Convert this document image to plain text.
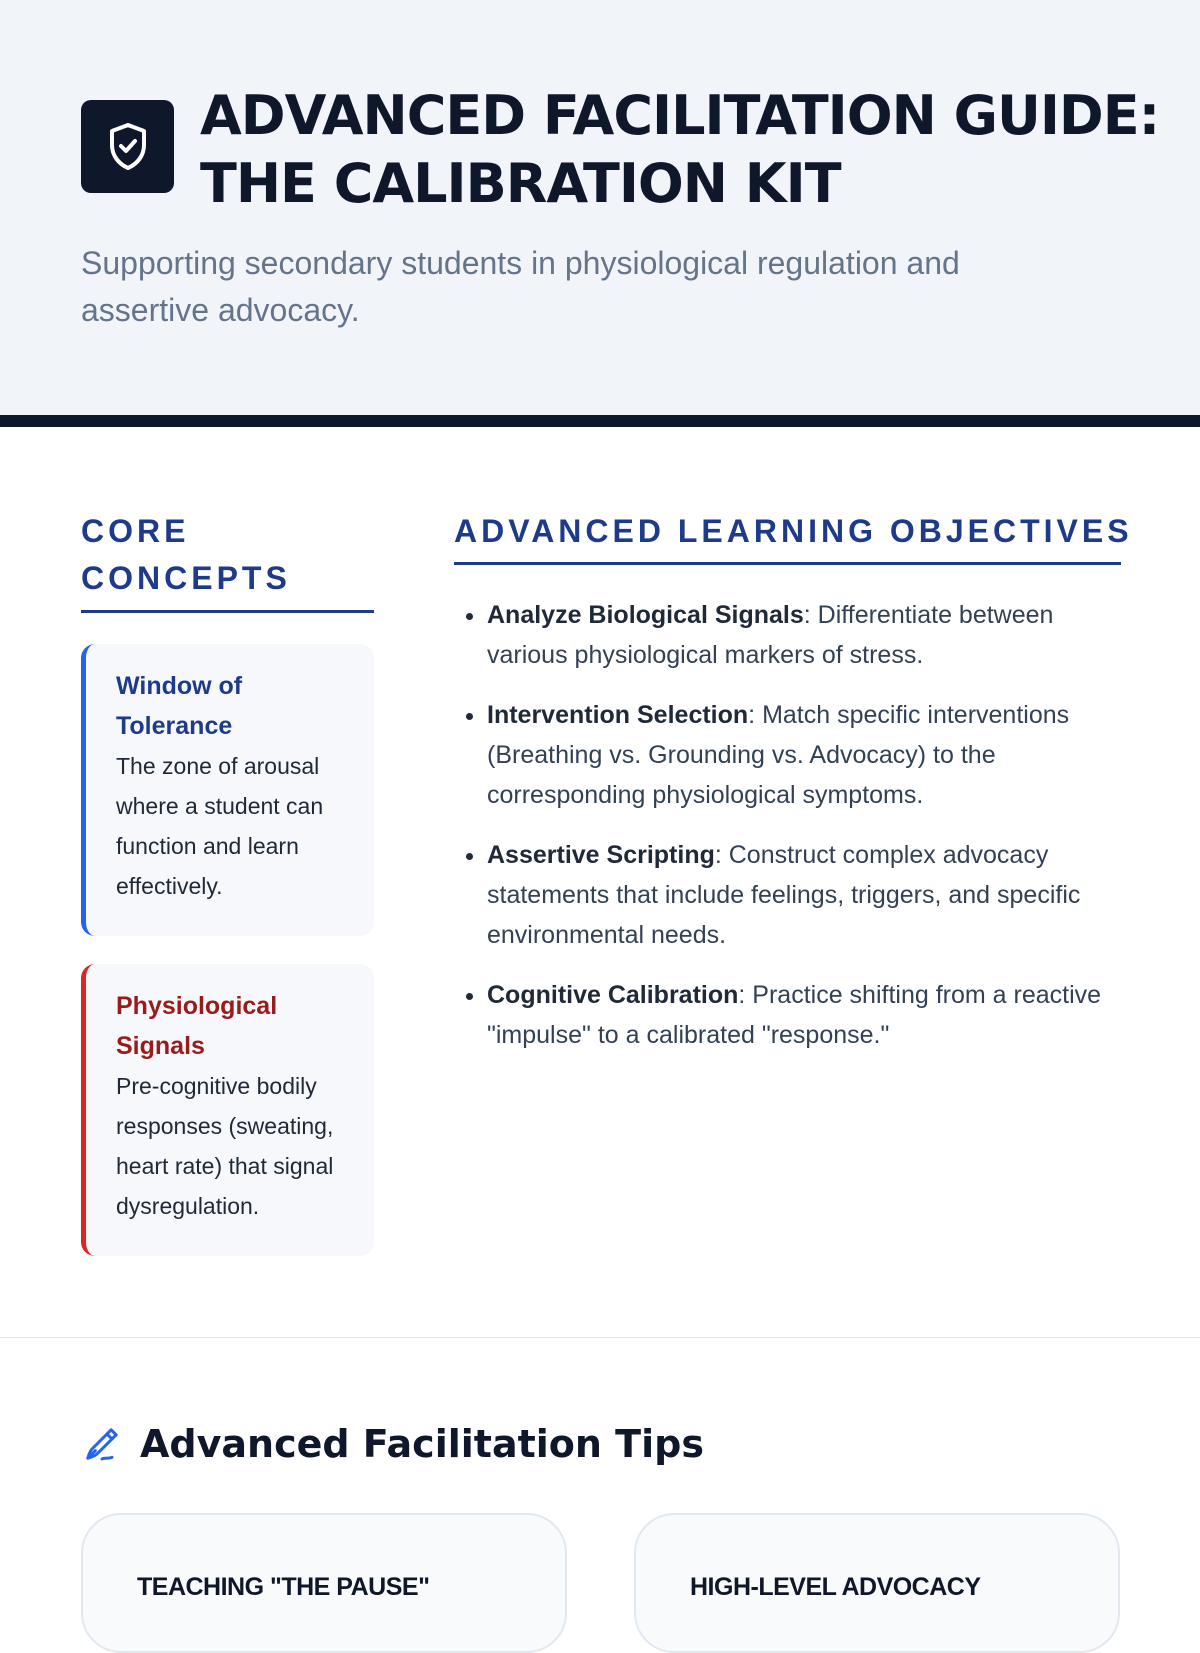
ADVANCED FACILITATION GUIDE: THE CALIBRATION KIT

Supporting secondary students in physiological regulation and assertive advocacy.

CORE CONCEPTS

Window of Tolerance

The zone of arousal where a student can function and learn effectively.

Physiological Signals

Pre-cognitive bodily responses (sweating, heart rate) that signal dysregulation.

ADVANCED LEARNING OBJECTIVES
• Analyze Biological Signals: Differentiate between various physiological markers of stress.
• Intervention Selection: Match specific interventions (Breathing vs. Grounding vs. Advocacy) to the corresponding physiological symptoms.
• Assertive Scripting: Construct complex advocacy statements that include feelings, triggers, and specific environmental needs.
• Cognitive Calibration: Practice shifting from a reactive "impulse" to a calibrated "response."
Advanced Facilitation Tips

TEACHING "THE PAUSE"	HIGH-LEVEL ADVOCACY
